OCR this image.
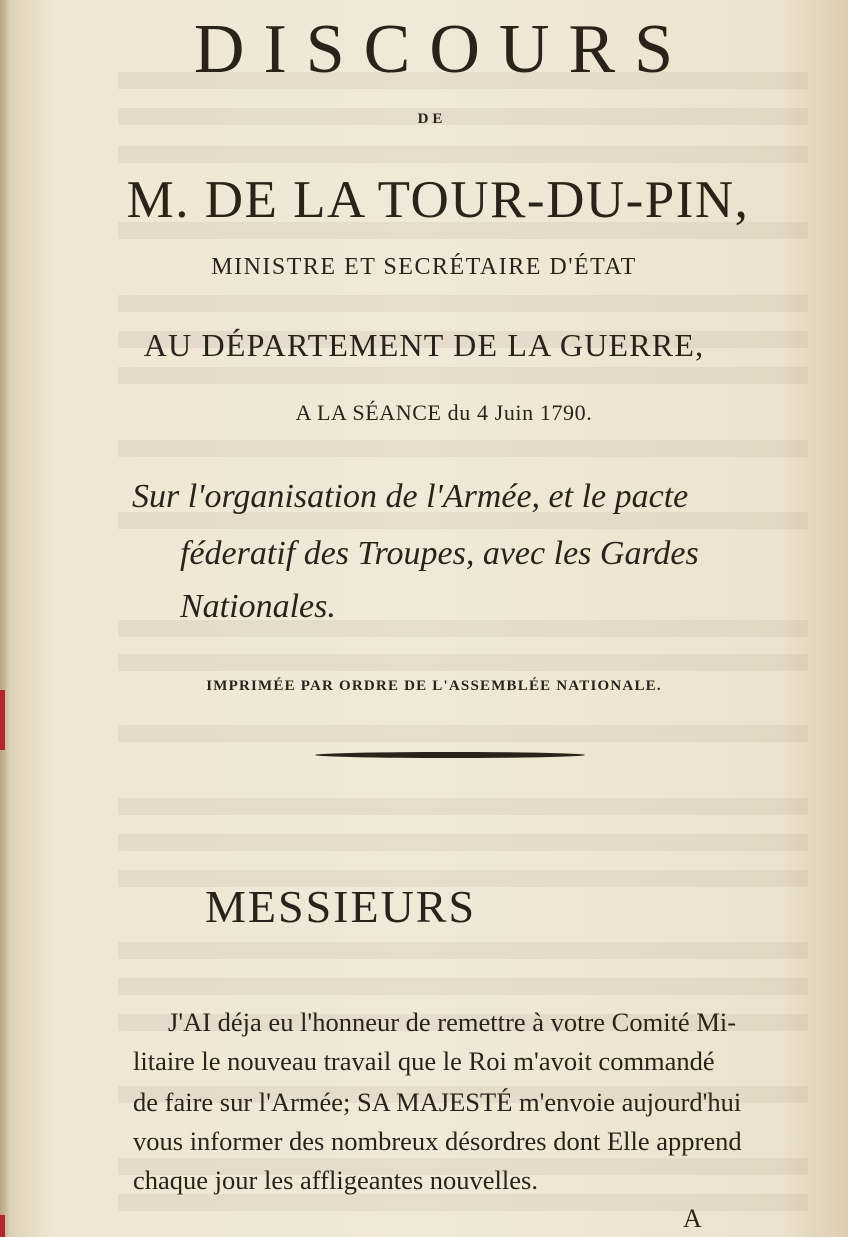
DISCOURS
DE
M. DE LA TOUR-DU-PIN,
MINISTRE ET SECRÉTAIRE D'ÉTAT
AU DÉPARTEMENT DE LA GUERRE,
A LA SÉANCE du 4 Juin 1790.
Sur l'organisation de l'Armée, et le pacte
féderatif des Troupes, avec les Gardes
Nationales.
IMPRIMÉE PAR ORDRE DE L'ASSEMBLÉE NATIONALE.
MESSIEURS
J'AI déja eu l'honneur de remettre à votre Comité Mi-
litaire le nouveau travail que le Roi m'avoit commandé
de faire sur l'Armée; SA MAJESTÉ m'envoie aujourd'hui
vous informer des nombreux désordres dont Elle apprend
chaque jour les affligeantes nouvelles.
A
